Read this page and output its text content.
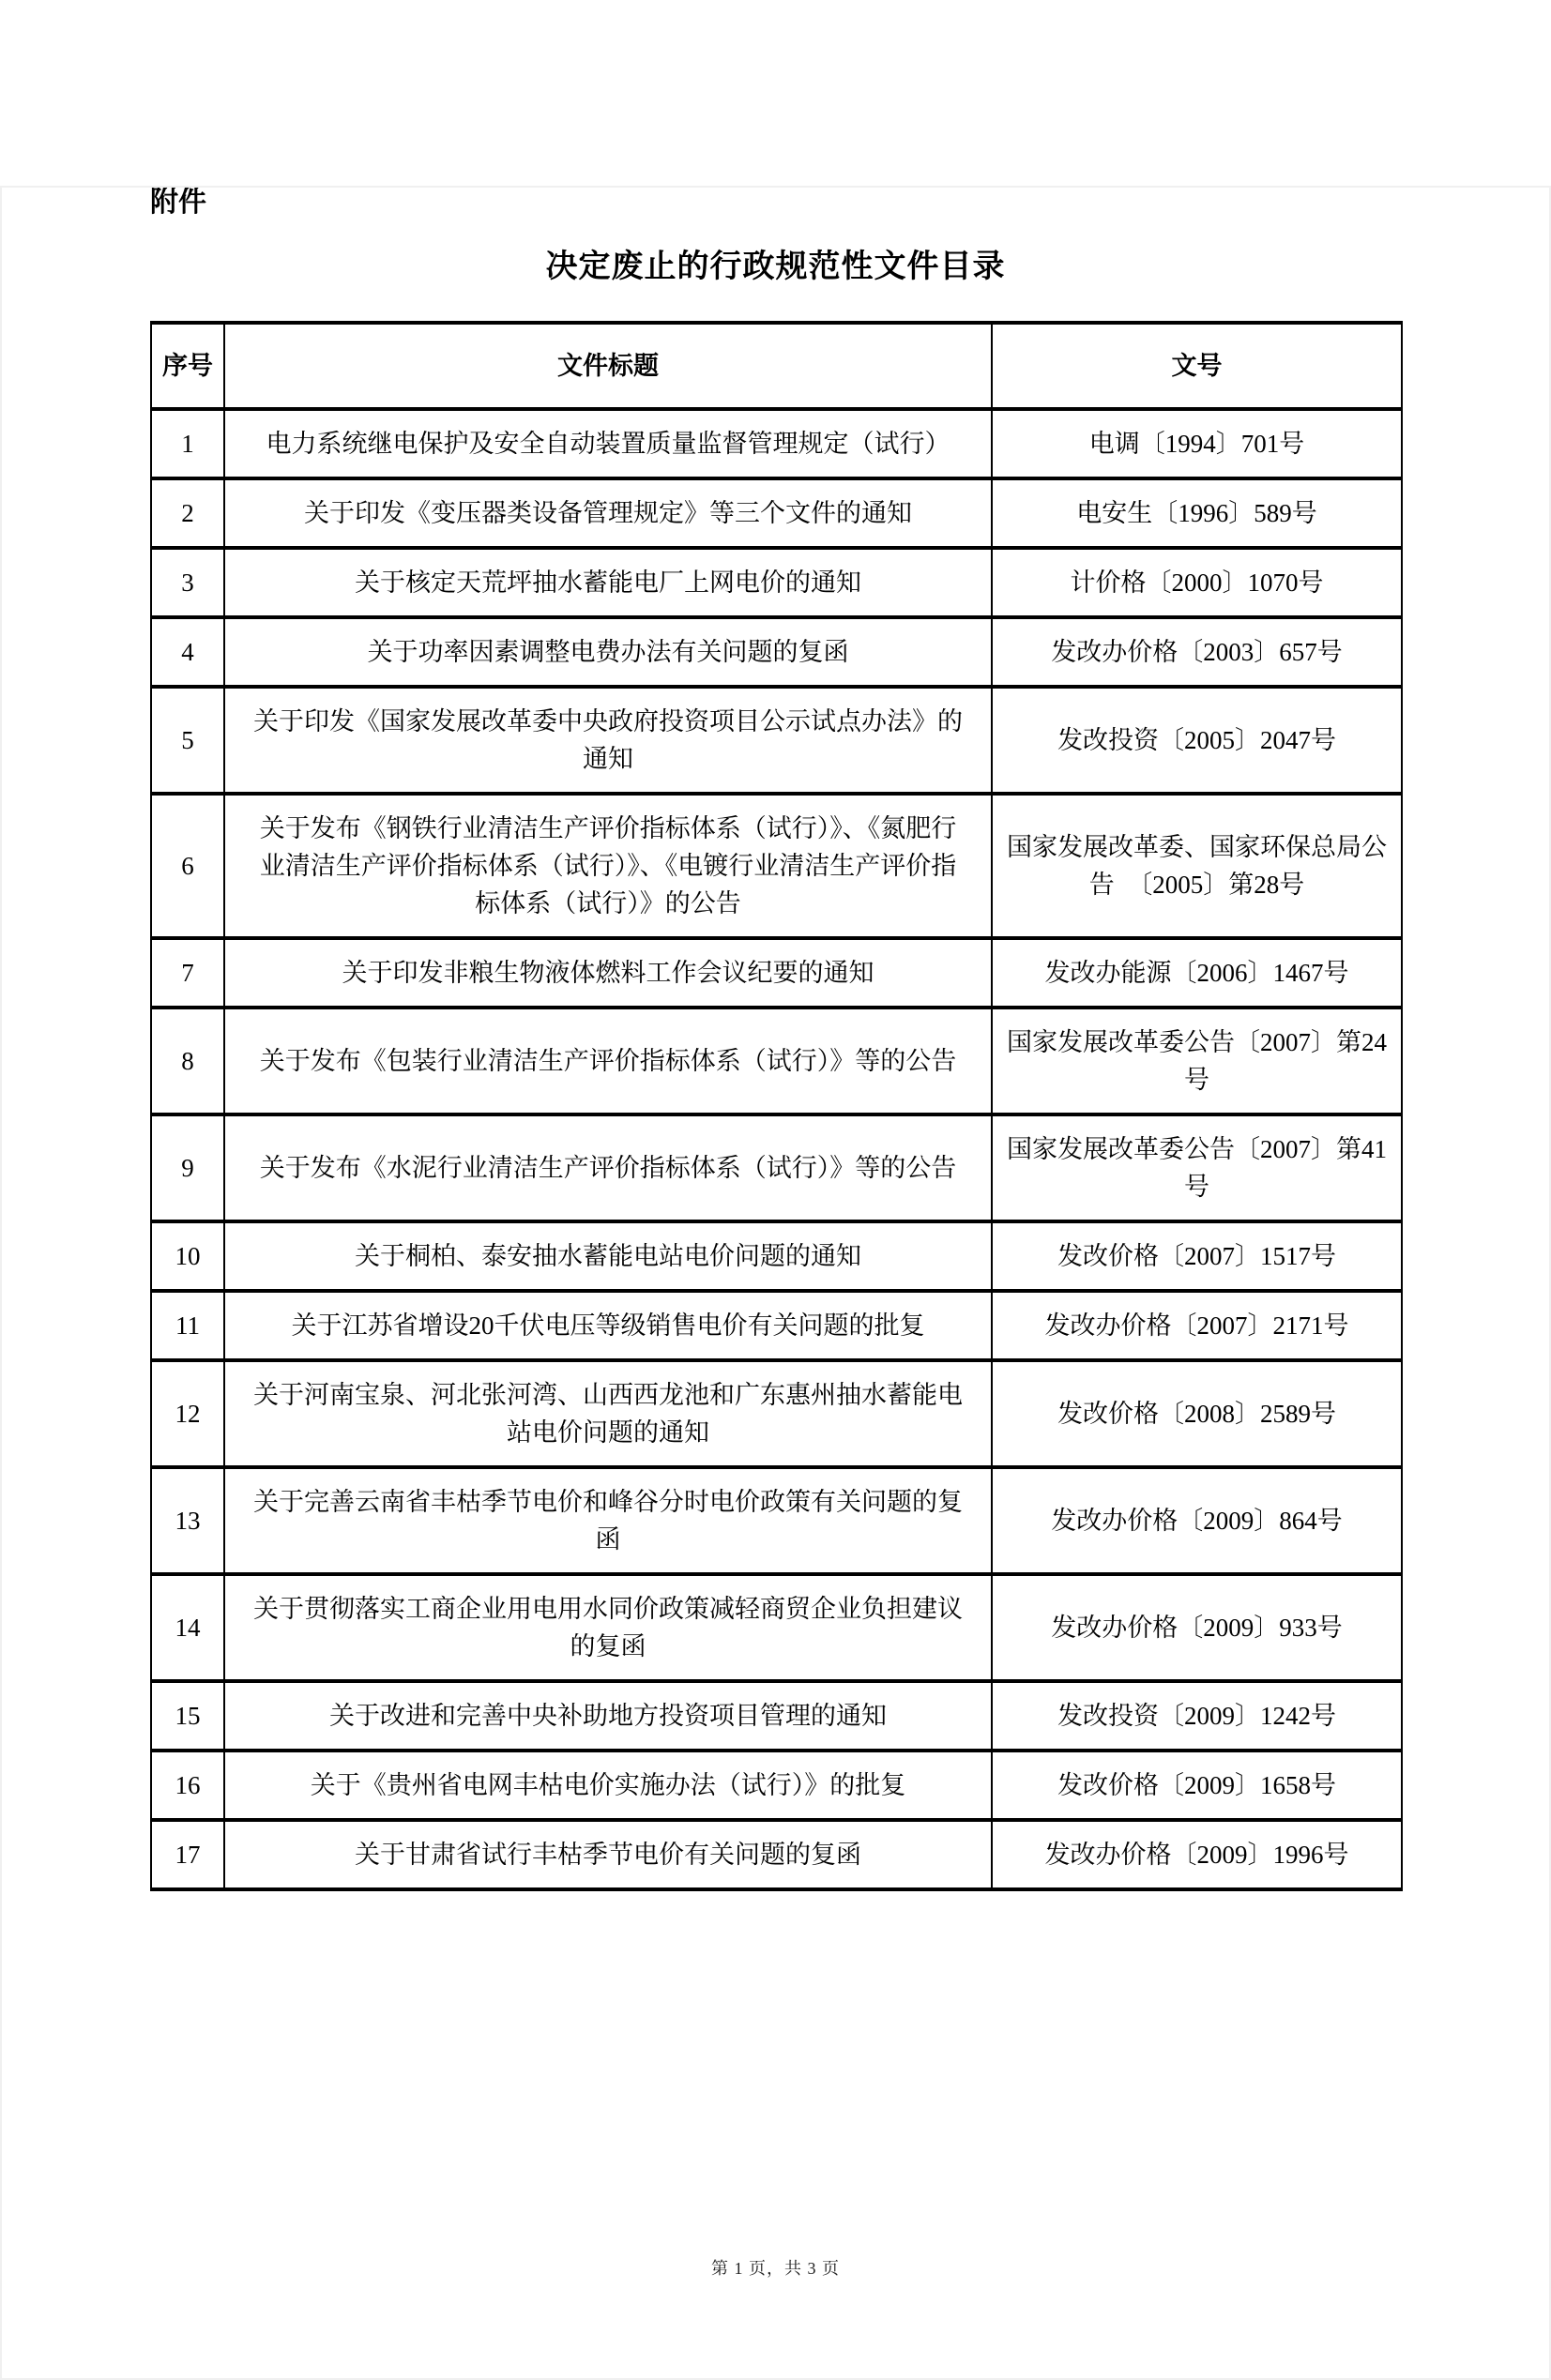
附件
决定废止的行政规范性文件目录
序号	文件标题	文号
1	电力系统继电保护及安全自动装置质量监督管理规定（试行）	电调〔1994〕701号
2	关于印发《变压器类设备管理规定》等三个文件的通知	电安生〔1996〕589号
3	关于核定天荒坪抽水蓄能电厂上网电价的通知	计价格〔2000〕1070号
4	关于功率因素调整电费办法有关问题的复函	发改办价格〔2003〕657号
5	关于印发《国家发展改革委中央政府投资项目公示试点办法》的通知	发改投资〔2005〕2047号
6	关于发布《钢铁行业清洁生产评价指标体系（试行）》、《氮肥行业清洁生产评价指标体系（试行）》、《电镀行业清洁生产评价指标体系（试行）》的公告	国家发展改革委、国家环保总局公告　〔2005〕第28号
7	关于印发非粮生物液体燃料工作会议纪要的通知	发改办能源〔2006〕1467号
8	关于发布《包装行业清洁生产评价指标体系（试行）》等的公告	国家发展改革委公告〔2007〕第24号
9	关于发布《水泥行业清洁生产评价指标体系（试行）》等的公告	国家发展改革委公告〔2007〕第41号
10	关于桐柏、泰安抽水蓄能电站电价问题的通知	发改价格〔2007〕1517号
11	关于江苏省增设20千伏电压等级销售电价有关问题的批复	发改办价格〔2007〕2171号
12	关于河南宝泉、河北张河湾、山西西龙池和广东惠州抽水蓄能电站电价问题的通知	发改价格〔2008〕2589号
13	关于完善云南省丰枯季节电价和峰谷分时电价政策有关问题的复函	发改办价格〔2009〕864号
14	关于贯彻落实工商企业用电用水同价政策减轻商贸企业负担建议的复函	发改办价格〔2009〕933号
15	关于改进和完善中央补助地方投资项目管理的通知	发改投资〔2009〕1242号
16	关于《贵州省电网丰枯电价实施办法（试行）》的批复	发改价格〔2009〕1658号
17	关于甘肃省试行丰枯季节电价有关问题的复函	发改办价格〔2009〕1996号
第 1 页，共 3 页
